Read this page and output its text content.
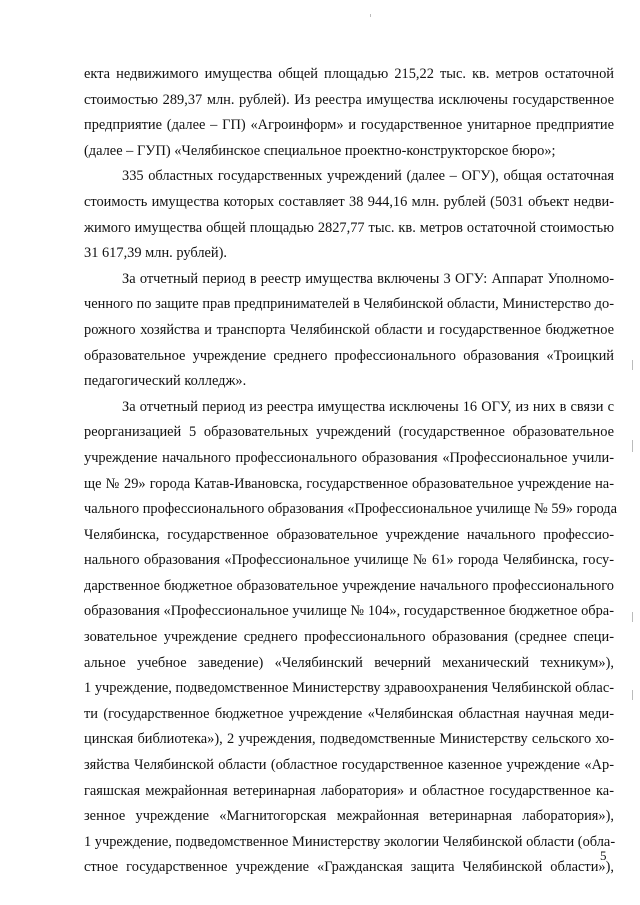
екта недвижимого имущества общей площадью 215,22 тыс. кв. метров остаточной
стоимостью 289,37 млн. рублей). Из реестра имущества исключены государственное
предприятие (далее – ГП) «Агроинформ» и государственное унитарное предприятие
(далее – ГУП) «Челябинское специальное проектно-конструкторское бюро»;
335 областных государственных учреждений (далее – ОГУ), общая остаточная
стоимость имущества которых составляет 38 944,16 млн. рублей (5031 объект недви-
жимого имущества общей площадью 2827,77 тыс. кв. метров остаточной стоимостью
31 617,39 млн. рублей).
За отчетный период в реестр имущества включены 3 ОГУ: Аппарат Уполномо-
ченного по защите прав предпринимателей в Челябинской области, Министерство до-
рожного хозяйства и транспорта Челябинской области и государственное бюджетное
образовательное учреждение среднего профессионального образования «Троицкий
педагогический колледж».
За отчетный период из реестра имущества исключены 16 ОГУ, из них в связи с
реорганизацией 5 образовательных учреждений (государственное образовательное
учреждение начального профессионального образования «Профессиональное учили-
ще № 29» города Катав-Ивановска, государственное образовательное учреждение на-
чального профессионального образования «Профессиональное училище № 59» города
Челябинска, государственное образовательное учреждение начального профессио-
нального образования «Профессиональное училище № 61» города Челябинска, госу-
дарственное бюджетное образовательное учреждение начального профессионального
образования «Профессиональное училище № 104», государственное бюджетное обра-
зовательное учреждение среднего профессионального образования (среднее специ-
альное учебное заведение) «Челябинский вечерний механический техникум»),
1 учреждение, подведомственное Министерству здравоохранения Челябинской облас-
ти (государственное бюджетное учреждение «Челябинская областная научная меди-
цинская библиотека»), 2 учреждения, подведомственные Министерству сельского хо-
зяйства Челябинской области (областное государственное казенное учреждение «Ар-
гаяшская межрайонная ветеринарная лаборатория» и областное государственное ка-
зенное учреждение «Магнитогорская межрайонная ветеринарная лаборатория»),
1 учреждение, подведомственное Министерству экологии Челябинской области (обла-
стное государственное учреждение «Гражданская защита Челябинской области»),
5
